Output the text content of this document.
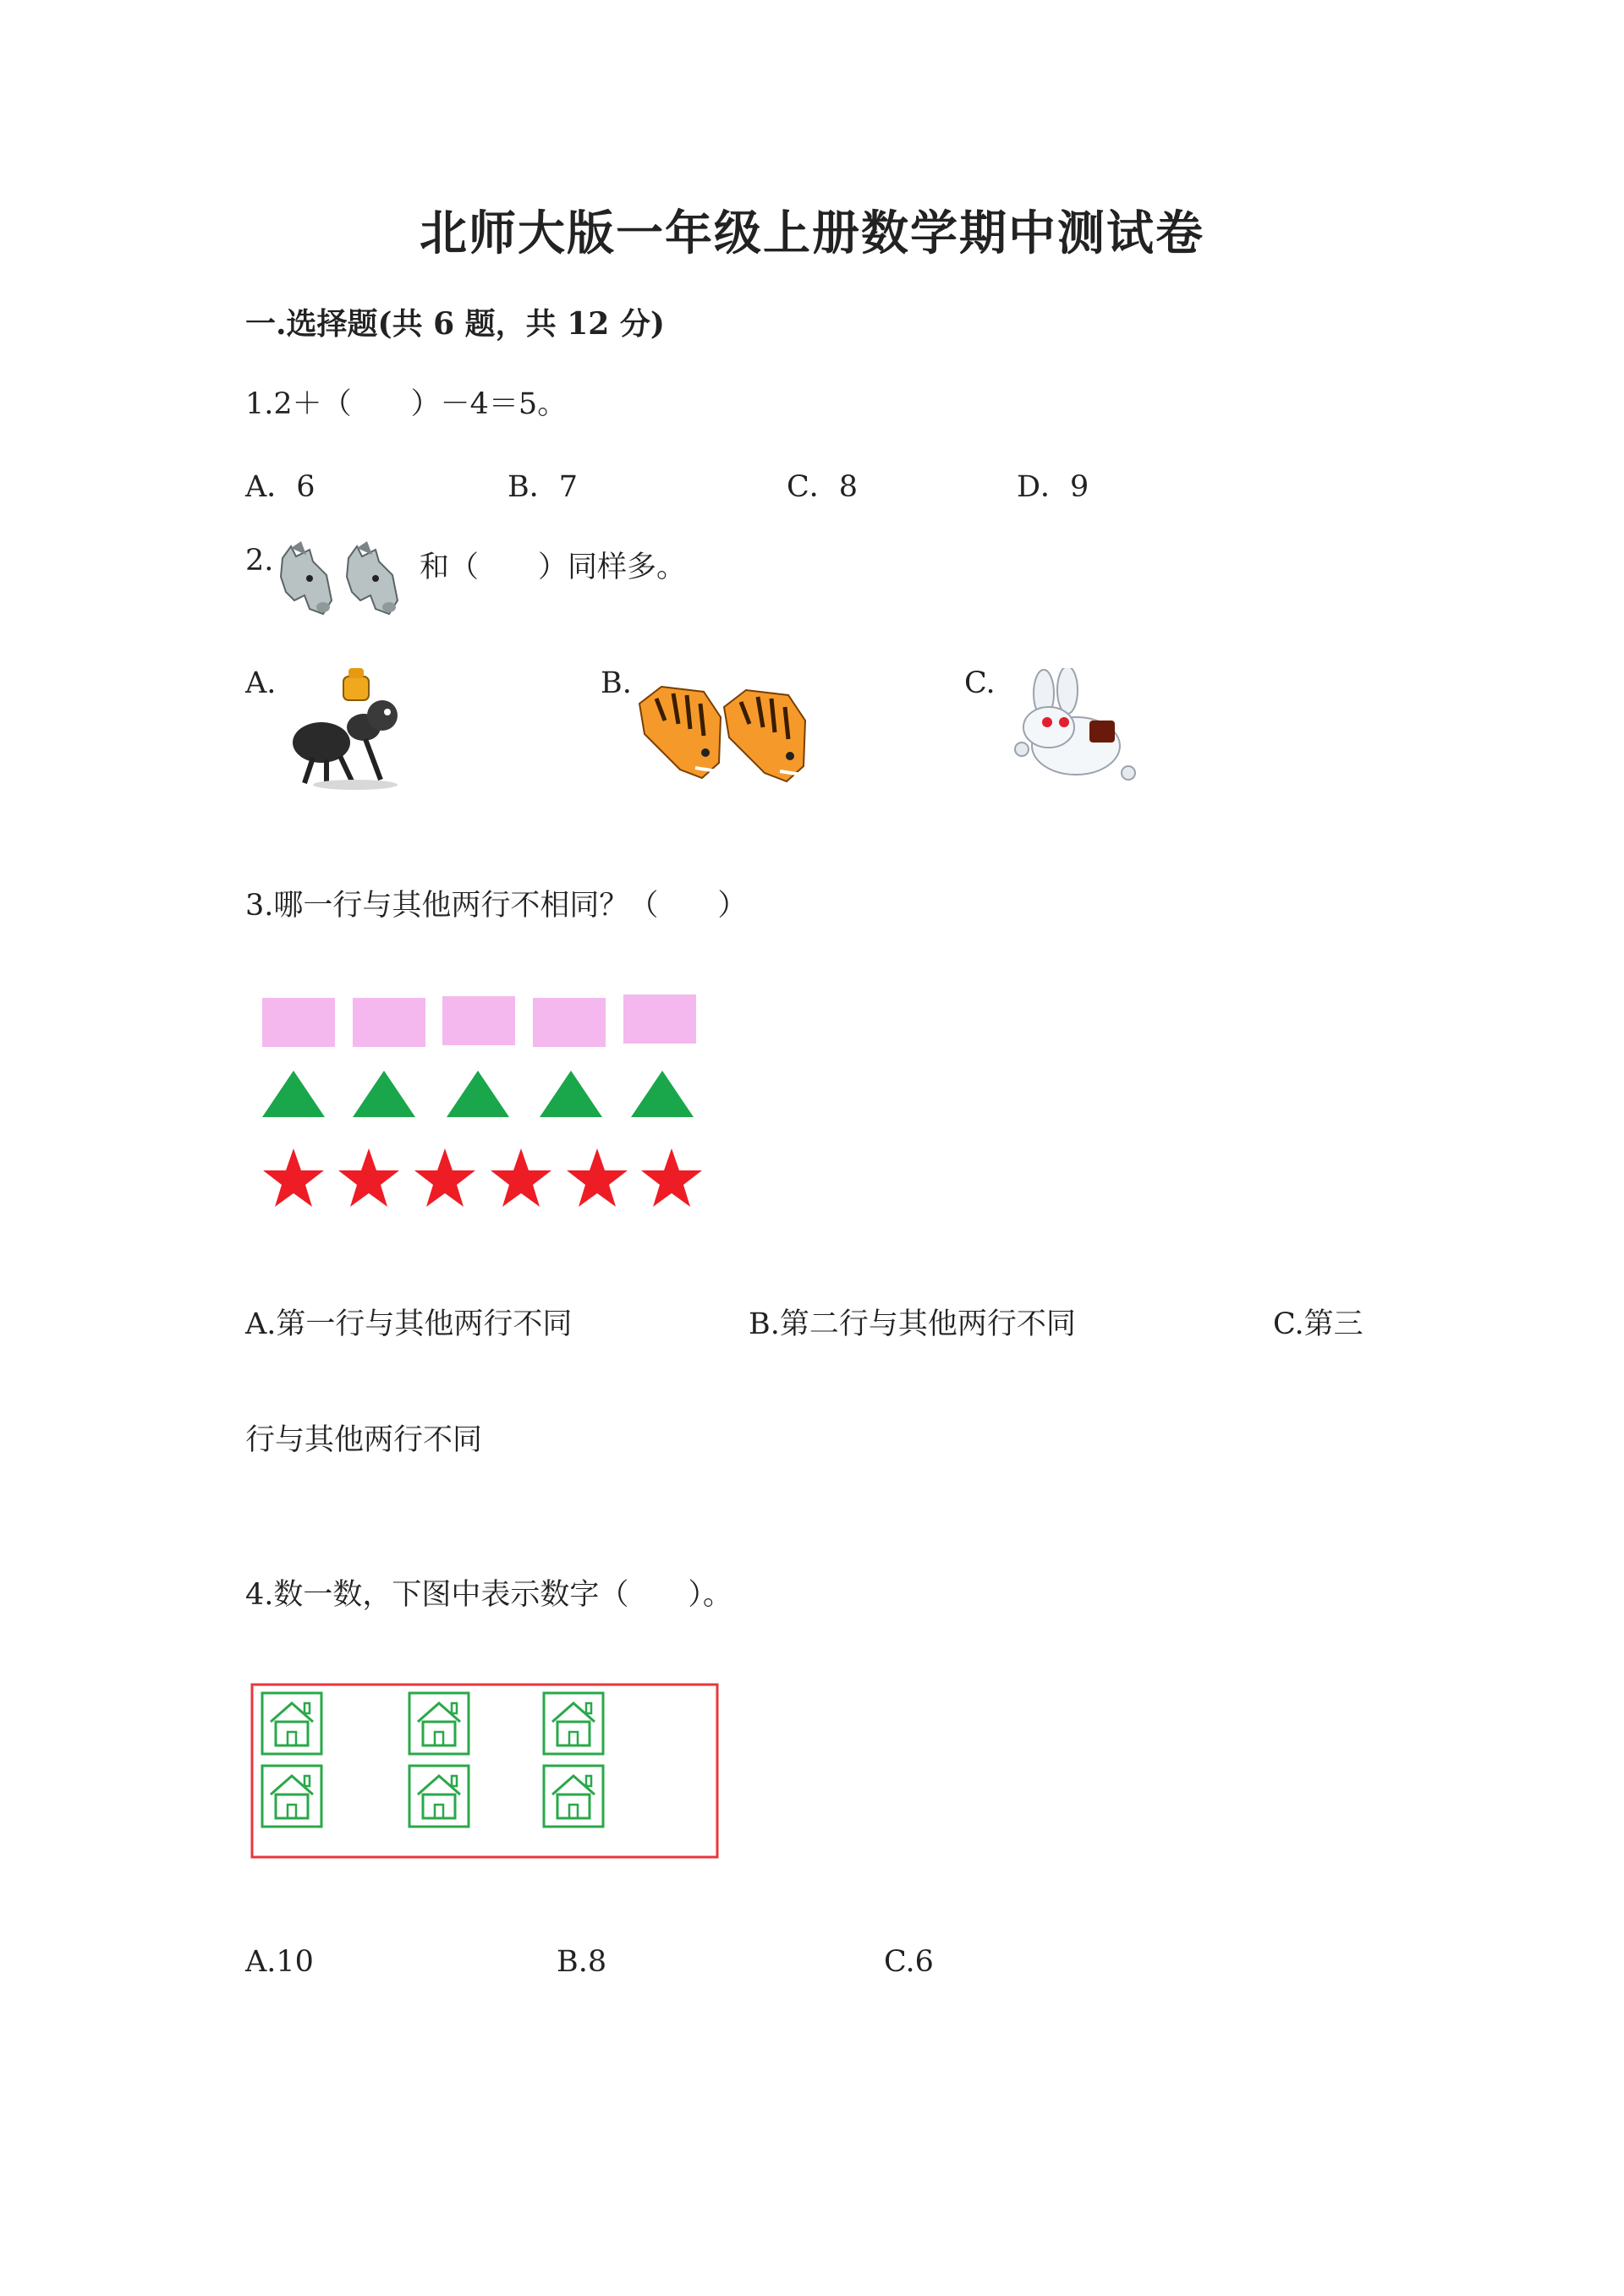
北师大版一年级上册数学期中测试卷
一.选择题(共 6 题，共 12 分)
1.2＋（　　）－4＝5。
A．6	B．7	C．8	D．9
2.	和（　　）同样多。
A.	B.	C.
3.哪一行与其他两行不相同？（　　）
A.第一行与其他两行不同	B.第二行与其他两行不同	C.第三
行与其他两行不同
4.数一数，下图中表示数字（　　）。
A.10	B.8	C.6
